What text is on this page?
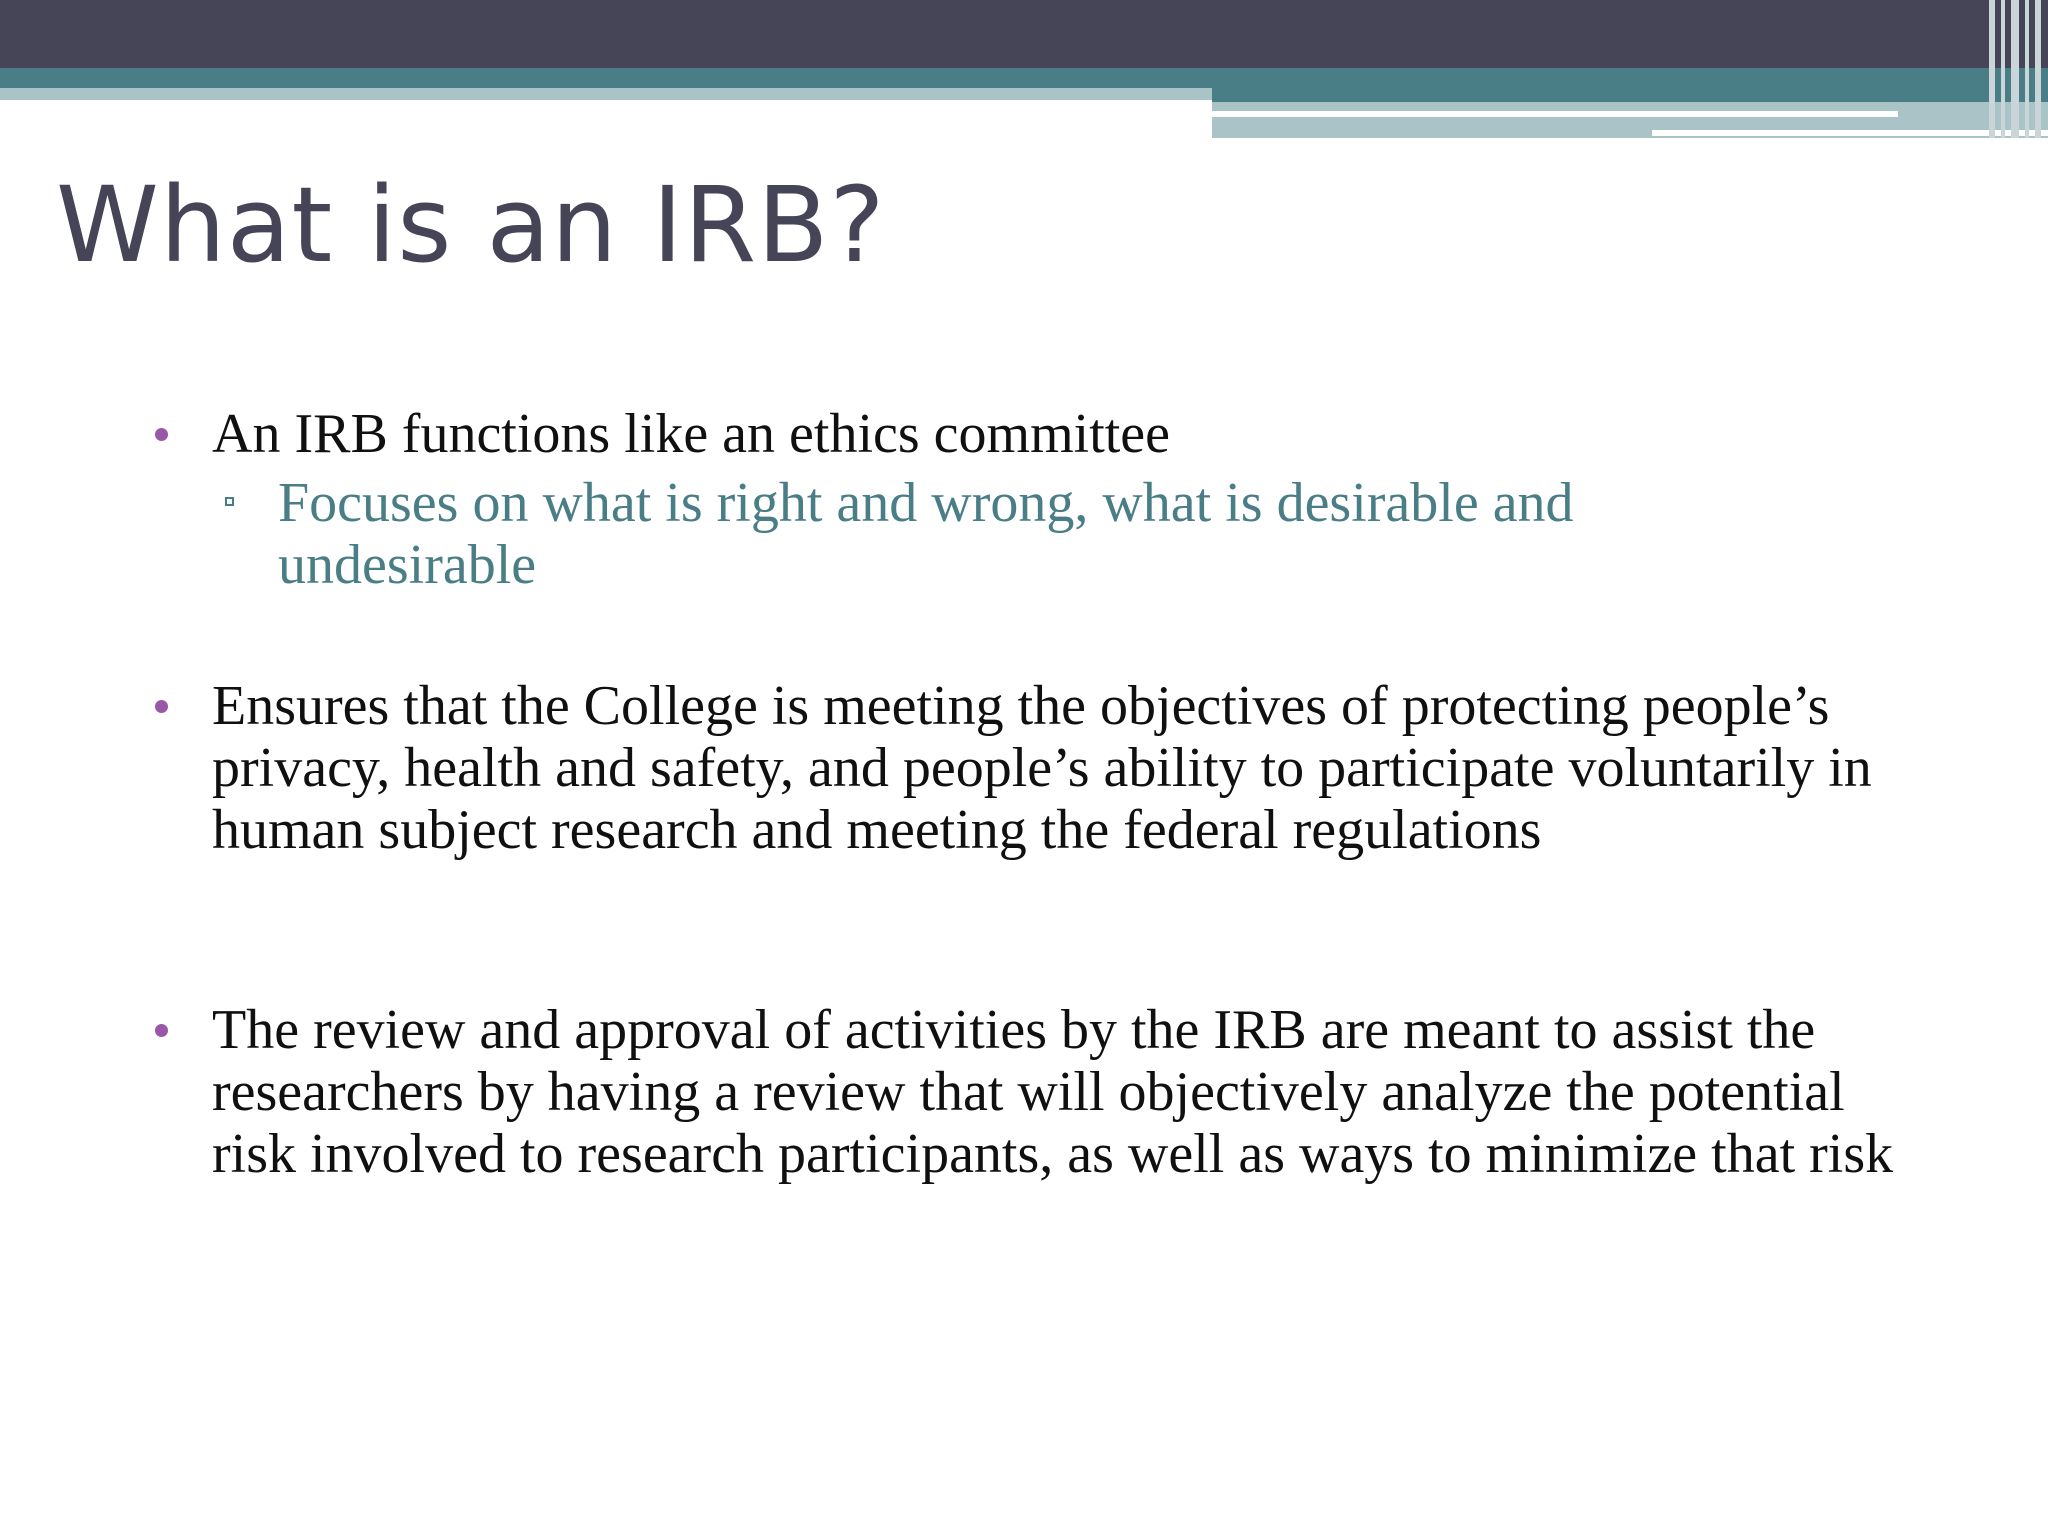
What is an IRB?

An IRB functions like an ethics committee

Focuses on what is right and wrong, what is desirable and undesirable

Ensures that the College is meeting the objectives of protecting people’s privacy, health and safety, and people’s ability to participate voluntarily in human subject research and meeting the federal regulations

The review and approval of activities by the IRB are meant to assist the researchers by having a review that will objectively analyze the potential risk involved to research participants, as well as ways to minimize that risk
